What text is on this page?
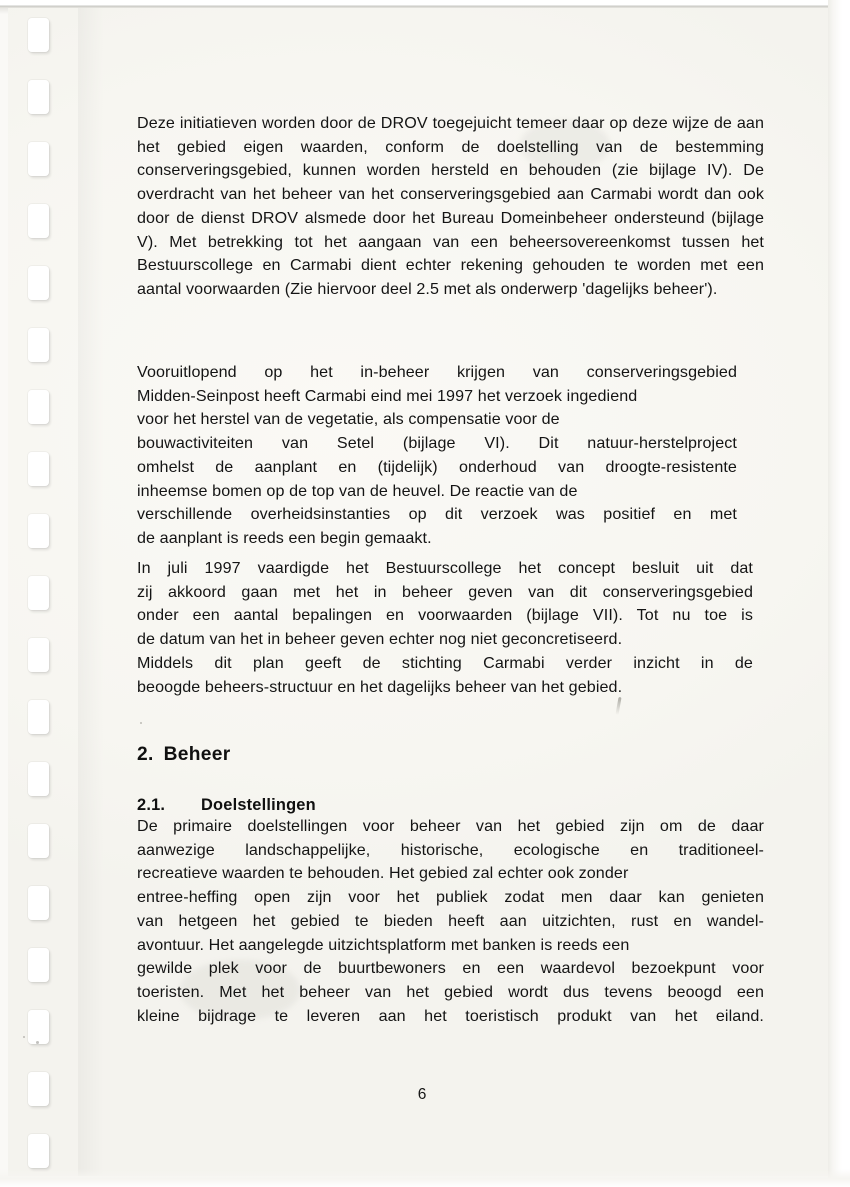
Deze initiatieven worden door de DROV toegejuicht temeer daar op deze wijze de aan het gebied eigen waarden, conform de doelstelling van de bestemming conserveringsgebied, kunnen worden hersteld en behouden (zie bijlage IV). De overdracht van het beheer van het conserveringsgebied aan Carmabi wordt dan ook door de dienst DROV alsmede door het Bureau Domeinbeheer ondersteund (bijlage V). Met betrekking tot het aangaan van een beheersovereenkomst tussen het Bestuurscollege en Carmabi dient echter rekening gehouden te worden met een aantal voorwaarden (Zie hiervoor deel 2.5 met als onderwerp 'dagelijks beheer').

Vooruitlopend op het in-beheer krijgen van conserveringsgebied
Midden-Seinpost heeft Carmabi eind mei 1997 het verzoek ingediend
voor het herstel van de vegetatie, als compensatie voor de
bouwactiviteiten van Setel (bijlage VI). Dit natuur-herstelproject
omhelst de aanplant en (tijdelijk) onderhoud van droogte-resistente
inheemse bomen op de top van de heuvel. De reactie van de
verschillende overheidsinstanties op dit verzoek was positief en met
de aanplant is reeds een begin gemaakt.
In juli 1997 vaardigde het Bestuurscollege het concept besluit uit dat
zij akkoord gaan met het in beheer geven van dit conserveringsgebied
onder een aantal bepalingen en voorwaarden (bijlage VII). Tot nu toe is
de datum van het in beheer geven echter nog niet geconcretiseerd.
Middels dit plan geeft de stichting Carmabi verder inzicht in de
beoogde beheers-structuur en het dagelijks beheer van het gebied.
2. Beheer
2.1.	Doelstellingen
De primaire doelstellingen voor beheer van het gebied zijn om de daar
aanwezige landschappelijke, historische, ecologische en traditioneel-
recreatieve waarden te behouden. Het gebied zal echter ook zonder
entree-heffing open zijn voor het publiek zodat men daar kan genieten
van hetgeen het gebied te bieden heeft aan uitzichten, rust en wandel-
avontuur. Het aangelegde uitzichtsplatform met banken is reeds een
gewilde plek voor de buurtbewoners en een waardevol bezoekpunt voor
toeristen. Met het beheer van het gebied wordt dus tevens beoogd een
kleine bijdrage te leveren aan het toeristisch produkt van het eiland.
6
